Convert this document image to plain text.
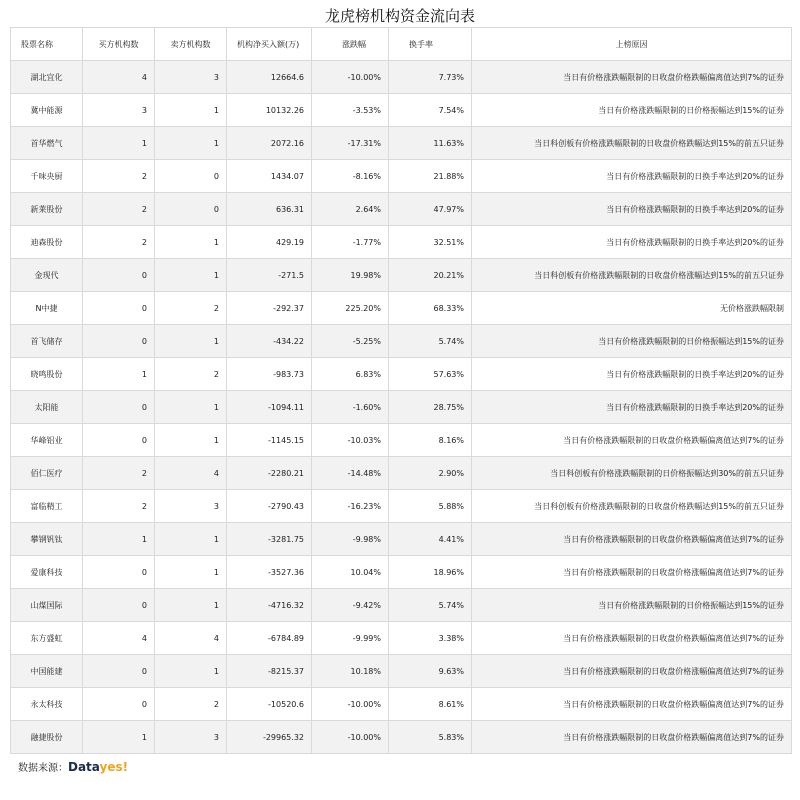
龙虎榜机构资金流向表
股票名称	买方机构数	卖方机构数	机构净买入额(万)	涨跌幅	换手率	上榜原因
湖北宜化	4	3	12664.6	-10.00%	7.73%	当日有价格涨跌幅限制的日收盘价格跌幅偏离值达到7%的证券
冀中能源	3	1	10132.26	-3.53%	7.54%	当日有价格涨跌幅限制的日价格振幅达到15%的证券
首华燃气	1	1	2072.16	-17.31%	11.63%	当日科创板有价格涨跌幅限制的日收盘价格跌幅达到15%的前五只证券
千味央厨	2	0	1434.07	-8.16%	21.88%	当日有价格涨跌幅限制的日换手率达到20%的证券
新莱股份	2	0	636.31	2.64%	47.97%	当日有价格涨跌幅限制的日换手率达到20%的证券
迪森股份	2	1	429.19	-1.77%	32.51%	当日有价格涨跌幅限制的日换手率达到20%的证券
金现代	0	1	-271.5	19.98%	20.21%	当日科创板有价格涨跌幅限制的日收盘价格涨幅达到15%的前五只证券
N中捷	0	2	-292.37	225.20%	68.33%	无价格涨跌幅限制
首飞储存	0	1	-434.22	-5.25%	5.74%	当日有价格涨跌幅限制的日价格振幅达到15%的证券
晓鸣股份	1	2	-983.73	6.83%	57.63%	当日有价格涨跌幅限制的日换手率达到20%的证券
太阳能	0	1	-1094.11	-1.60%	28.75%	当日有价格涨跌幅限制的日换手率达到20%的证券
华峰铝业	0	1	-1145.15	-10.03%	8.16%	当日有价格涨跌幅限制的日收盘价格跌幅偏离值达到7%的证券
佰仁医疗	2	4	-2280.21	-14.48%	2.90%	当日科创板有价格涨跌幅限制的日价格振幅达到30%的前五只证券
富临精工	2	3	-2790.43	-16.23%	5.88%	当日科创板有价格涨跌幅限制的日收盘价格跌幅达到15%的前五只证券
攀钢钒钛	1	1	-3281.75	-9.98%	4.41%	当日有价格涨跌幅限制的日收盘价格跌幅偏离值达到7%的证券
爱康科技	0	1	-3527.36	10.04%	18.96%	当日有价格涨跌幅限制的日收盘价格涨幅偏离值达到7%的证券
山煤国际	0	1	-4716.32	-9.42%	5.74%	当日有价格涨跌幅限制的日价格振幅达到15%的证券
东方盛虹	4	4	-6784.89	-9.99%	3.38%	当日有价格涨跌幅限制的日收盘价格跌幅偏离值达到7%的证券
中国能建	0	1	-8215.37	10.18%	9.63%	当日有价格涨跌幅限制的日收盘价格涨幅偏离值达到7%的证券
永太科技	0	2	-10520.6	-10.00%	8.61%	当日有价格涨跌幅限制的日收盘价格跌幅偏离值达到7%的证券
融捷股份	1	3	-29965.32	-10.00%	5.83%	当日有价格涨跌幅限制的日收盘价格跌幅偏离值达到7%的证券
数据来源：Datayes!
